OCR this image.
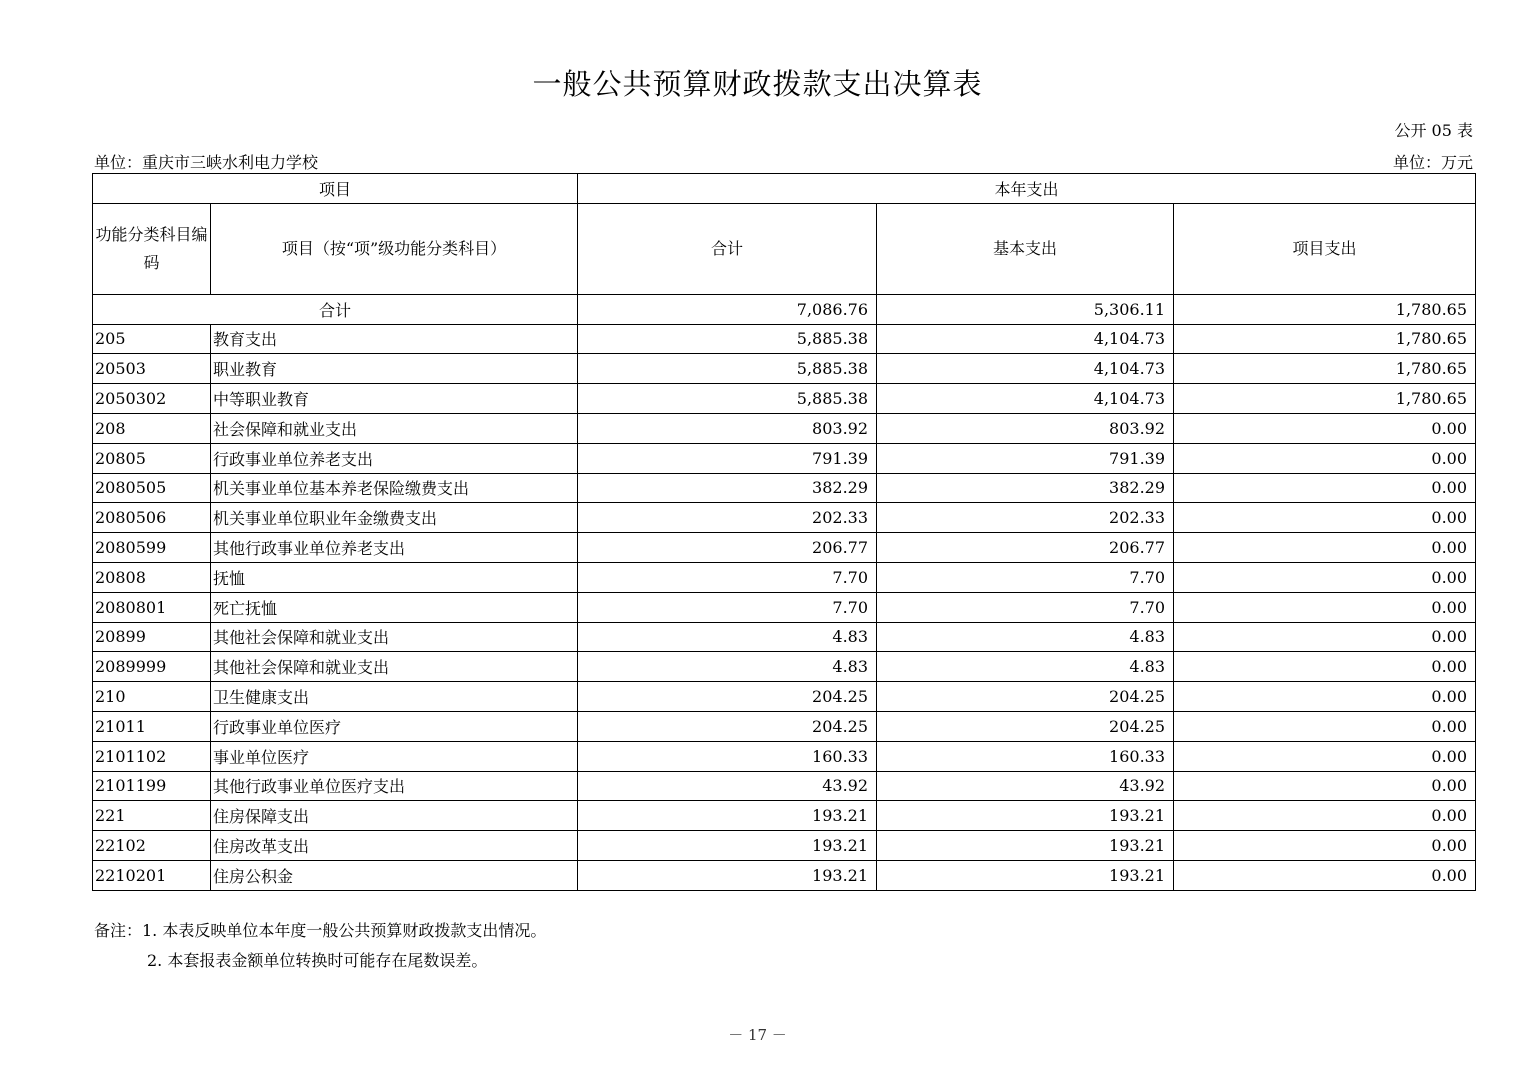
一般公共预算财政拨款支出决算表
公开 05 表
单位：重庆市三峡水利电力学校	单位：万元
项目		本年支出		
功能分类科目编码	项目（按“项”级功能分类科目）	合计	基本支出	项目支出
合计		7,086.76	5,306.11	1,780.65
205	教育支出	5,885.38	4,104.73	1,780.65
20503	职业教育	5,885.38	4,104.73	1,780.65
2050302	中等职业教育	5,885.38	4,104.73	1,780.65
208	社会保障和就业支出	803.92	803.92	0.00
20805	行政事业单位养老支出	791.39	791.39	0.00
2080505	机关事业单位基本养老保险缴费支出	382.29	382.29	0.00
2080506	机关事业单位职业年金缴费支出	202.33	202.33	0.00
2080599	其他行政事业单位养老支出	206.77	206.77	0.00
20808	抚恤	7.70	7.70	0.00
2080801	死亡抚恤	7.70	7.70	0.00
20899	其他社会保障和就业支出	4.83	4.83	0.00
2089999	其他社会保障和就业支出	4.83	4.83	0.00
210	卫生健康支出	204.25	204.25	0.00
21011	行政事业单位医疗	204.25	204.25	0.00
2101102	事业单位医疗	160.33	160.33	0.00
2101199	其他行政事业单位医疗支出	43.92	43.92	0.00
221	住房保障支出	193.21	193.21	0.00
22102	住房改革支出	193.21	193.21	0.00
2210201	住房公积金	193.21	193.21	0.00
备注：1. 本表反映单位本年度一般公共预算财政拨款支出情况。
2. 本套报表金额单位转换时可能存在尾数误差。
－ 17 －
